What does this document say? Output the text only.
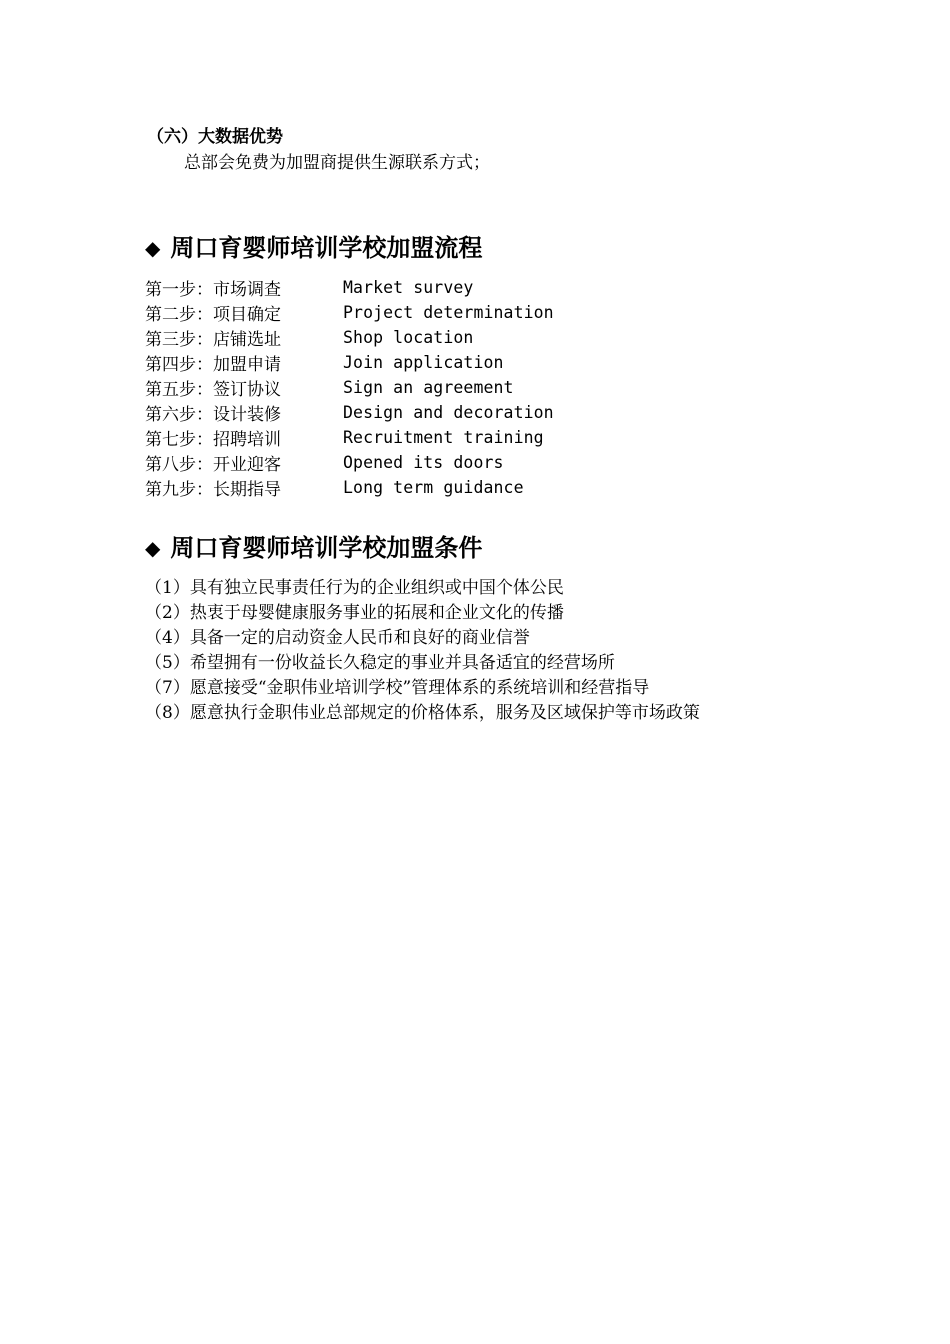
（六）大数据优势
总部会免费为加盟商提供生源联系方式；
◆ 周口育婴师培训学校加盟流程
第一步：市场调查	Market survey
第二步：项目确定	Project determination
第三步：店铺选址	Shop location
第四步：加盟申请	Join application
第五步：签订协议	Sign an agreement
第六步：设计装修	Design and decoration
第七步：招聘培训	Recruitment training
第八步：开业迎客	Opened its doors
第九步：长期指导	Long term guidance
◆ 周口育婴师培训学校加盟条件
（1）具有独立民事责任行为的企业组织或中国个体公民
（2）热衷于母婴健康服务事业的拓展和企业文化的传播
（4）具备一定的启动资金人民币和良好的商业信誉
（5）希望拥有一份收益长久稳定的事业并具备适宜的经营场所
（7）愿意接受“金职伟业培训学校”管理体系的系统培训和经营指导
（8）愿意执行金职伟业总部规定的价格体系，服务及区域保护等市场政策
